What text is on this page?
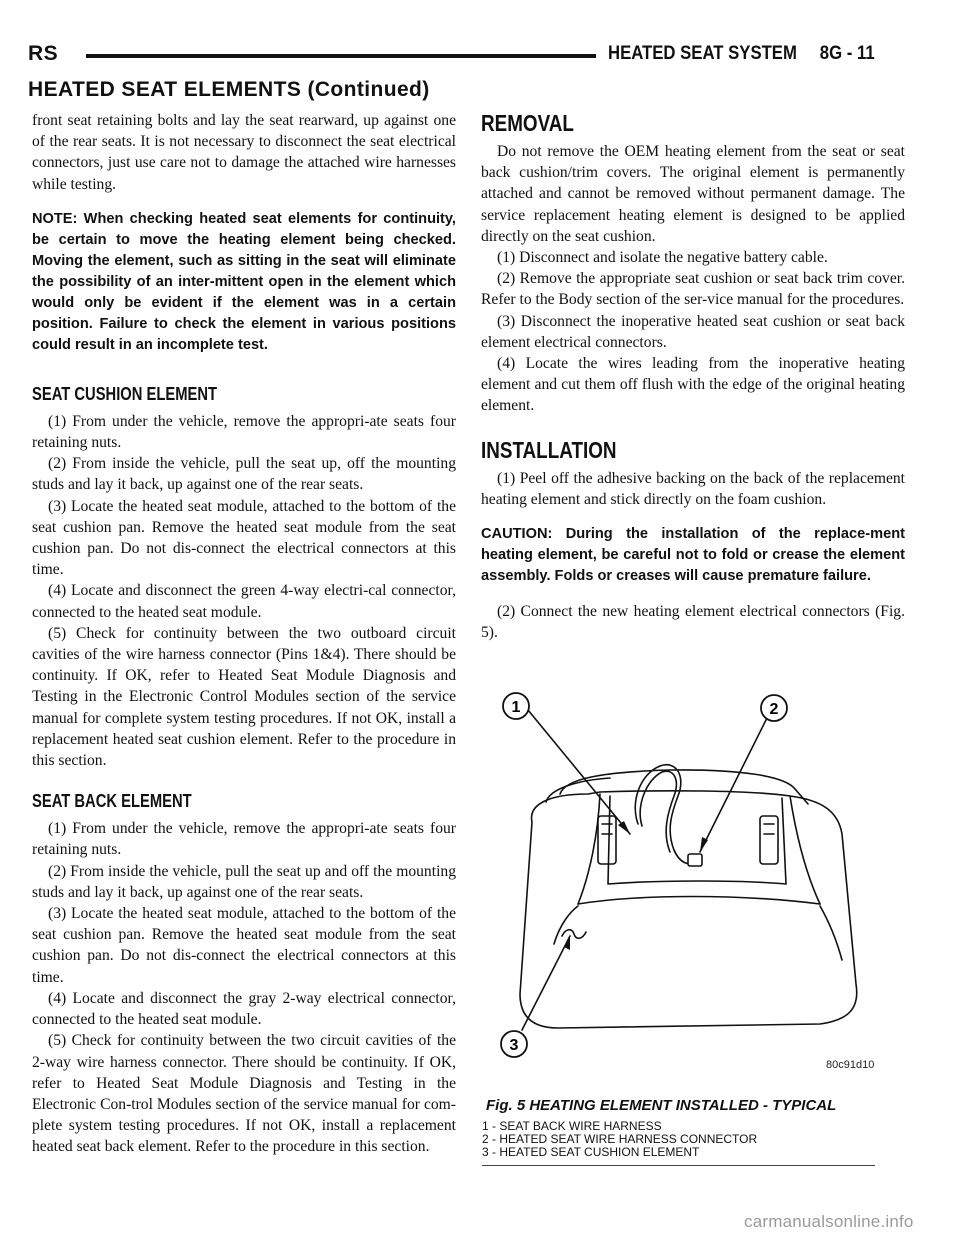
RS	HEATED SEAT SYSTEM 8G - 11
HEATED SEAT ELEMENTS (Continued)

front seat retaining bolts and lay the seat rearward, up against one of the rear seats. It is not necessary to disconnect the seat electrical connectors, just use care not to damage the attached wire harnesses while testing.

NOTE: When checking heated seat elements for continuity, be certain to move the heating element being checked. Moving the element, such as sitting in the seat will eliminate the possibility of an inter-mittent open in the element which would only be evident if the element was in a certain position. Failure to check the element in various positions could result in an incomplete test.

SEAT CUSHION ELEMENT

(1) From under the vehicle, remove the appropri-ate seats four retaining nuts.

(2) From inside the vehicle, pull the seat up, off the mounting studs and lay it back, up against one of the rear seats.

(3) Locate the heated seat module, attached to the bottom of the seat cushion pan. Remove the heated seat module from the seat cushion pan. Do not dis-connect the electrical connectors at this time.

(4) Locate and disconnect the green 4-way electri-cal connector, connected to the heated seat module.

(5) Check for continuity between the two outboard circuit cavities of the wire harness connector (Pins 1&4). There should be continuity. If OK, refer to Heated Seat Module Diagnosis and Testing in the Electronic Control Modules section of the service manual for complete system testing procedures. If not OK, install a replacement heated seat cushion element. Refer to the procedure in this section.

SEAT BACK ELEMENT

(1) From under the vehicle, remove the appropri-ate seats four retaining nuts.

(2) From inside the vehicle, pull the seat up and off the mounting studs and lay it back, up against one of the rear seats.

(3) Locate the heated seat module, attached to the bottom of the seat cushion pan. Remove the heated seat module from the seat cushion pan. Do not dis-connect the electrical connectors at this time.

(4) Locate and disconnect the gray 2-way electrical connector, connected to the heated seat module.

(5) Check for continuity between the two circuit cavities of the 2-way wire harness connector. There should be continuity. If OK, refer to Heated Seat Module Diagnosis and Testing in the Electronic Con-trol Modules section of the service manual for com-plete system testing procedures. If not OK, install a replacement heated seat back element. Refer to the procedure in this section.

REMOVAL

Do not remove the OEM heating element from the seat or seat back cushion/trim covers. The original element is permanently attached and cannot be removed without permanent damage. The service replacement heating element is designed to be applied directly on the seat cushion.

(1) Disconnect and isolate the negative battery cable.

(2) Remove the appropriate seat cushion or seat back trim cover. Refer to the Body section of the ser-vice manual for the procedures.

(3) Disconnect the inoperative heated seat cushion or seat back element electrical connectors.

(4) Locate the wires leading from the inoperative heating element and cut them off flush with the edge of the original heating element.

INSTALLATION

(1) Peel off the adhesive backing on the back of the replacement heating element and stick directly on the foam cushion.

CAUTION: During the installation of the replace-ment heating element, be careful not to fold or crease the element assembly. Folds or creases will cause premature failure.

(2) Connect the new heating element electrical connectors (Fig. 5).

1	2
3
80c91d10
Fig. 5 HEATING ELEMENT INSTALLED - TYPICAL
1 - SEAT BACK WIRE HARNESS
2 - HEATED SEAT WIRE HARNESS CONNECTOR
3 - HEATED SEAT CUSHION ELEMENT
carmanualsonline.info
